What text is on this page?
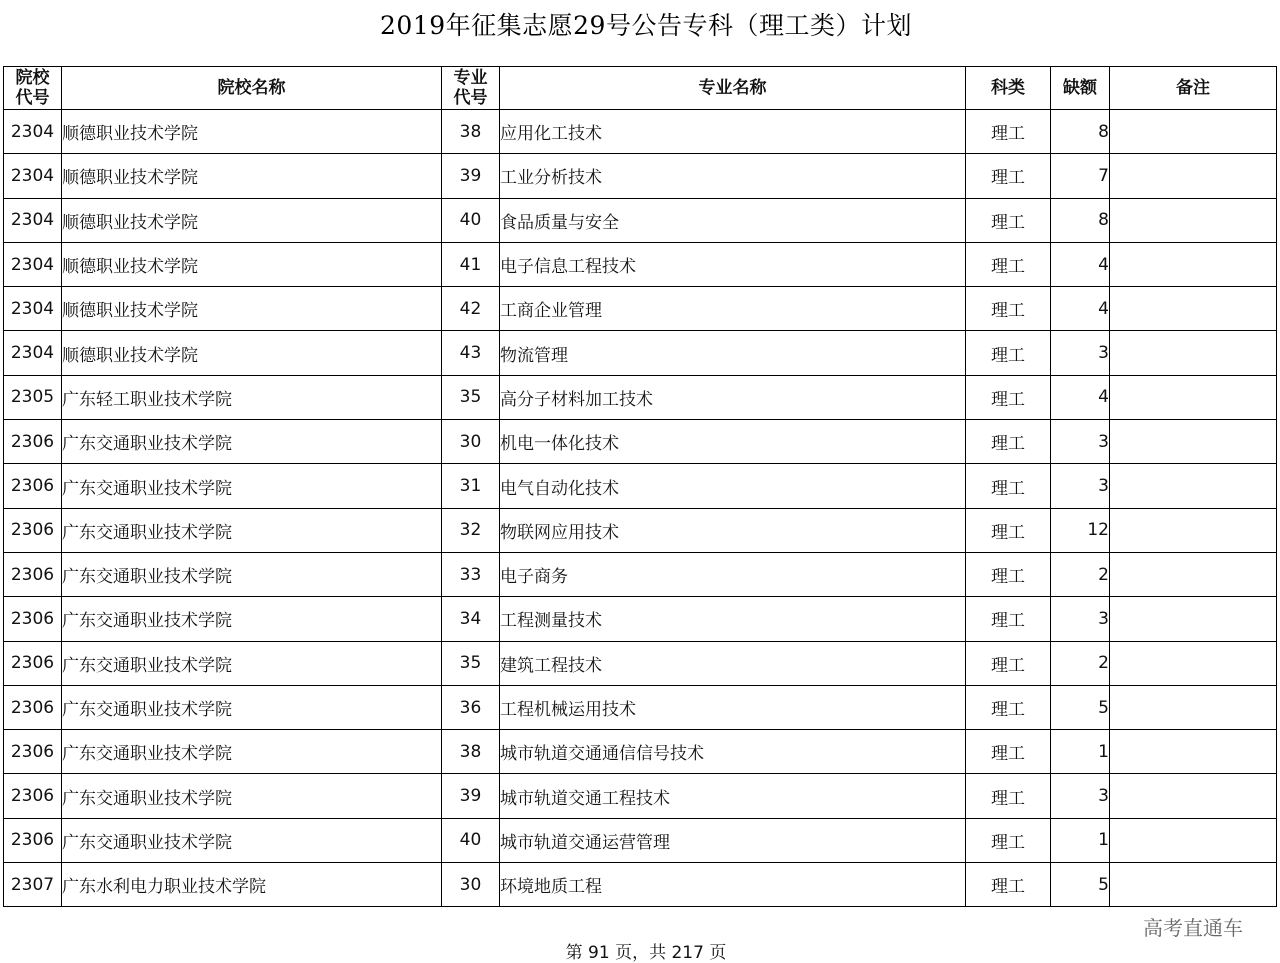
2019年征集志愿29号公告专科（理工类）计划
院校代号	院校名称	专业代号	专业名称	科类	缺额	备注
2304	顺德职业技术学院	38	应用化工技术	理工	8	
2304	顺德职业技术学院	39	工业分析技术	理工	7	
2304	顺德职业技术学院	40	食品质量与安全	理工	8	
2304	顺德职业技术学院	41	电子信息工程技术	理工	4	
2304	顺德职业技术学院	42	工商企业管理	理工	4	
2304	顺德职业技术学院	43	物流管理	理工	3	
2305	广东轻工职业技术学院	35	高分子材料加工技术	理工	4	
2306	广东交通职业技术学院	30	机电一体化技术	理工	3	
2306	广东交通职业技术学院	31	电气自动化技术	理工	3	
2306	广东交通职业技术学院	32	物联网应用技术	理工	12	
2306	广东交通职业技术学院	33	电子商务	理工	2	
2306	广东交通职业技术学院	34	工程测量技术	理工	3	
2306	广东交通职业技术学院	35	建筑工程技术	理工	2	
2306	广东交通职业技术学院	36	工程机械运用技术	理工	5	
2306	广东交通职业技术学院	38	城市轨道交通通信信号技术	理工	1	
2306	广东交通职业技术学院	39	城市轨道交通工程技术	理工	3	
2306	广东交通职业技术学院	40	城市轨道交通运营管理	理工	1	
2307	广东水利电力职业技术学院	30	环境地质工程	理工	5	
高考直通车
第 91 页，共 217 页
